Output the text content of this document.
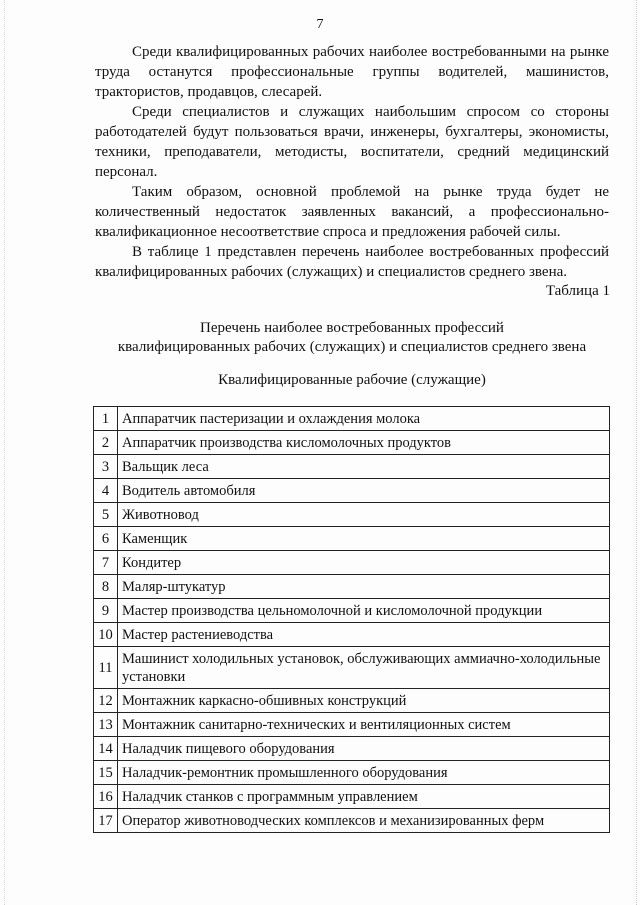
7

Среди квалифицированных рабочих наиболее востребованными на рынке труда останутся профессиональные группы водителей, машинистов, трактористов, продавцов, слесарей.

Среди специалистов и служащих наибольшим спросом со стороны работодателей будут пользоваться врачи, инженеры, бухгалтеры, экономисты, техники, преподаватели, методисты, воспитатели, средний медицинский персонал.

Таким образом, основной проблемой на рынке труда будет не количественный недостаток заявленных вакансий, а профессионально-квалификационное несоответствие спроса и предложения рабочей силы.

В таблице 1 представлен перечень наиболее востребованных профессий квалифицированных рабочих (служащих) и специалистов среднего звена.

Таблица 1
Перечень наиболее востребованных профессий
квалифицированных рабочих (служащих) и специалистов среднего звена
Квалифицированные рабочие (служащие)
1	Аппаратчик пастеризации и охлаждения молока
2	Аппаратчик производства кисломолочных продуктов
3	Вальщик леса
4	Водитель автомобиля
5	Животновод
6	Каменщик
7	Кондитер
8	Маляр-штукатур
9	Мастер производства цельномолочной и кисломолочной продукции
10	Мастер растениеводства
11	Машинист холодильных установок, обслуживающих аммиачно-холодильные установки
12	Монтажник каркасно-обшивных конструкций
13	Монтажник санитарно-технических и вентиляционных систем
14	Наладчик пищевого оборудования
15	Наладчик-ремонтник промышленного оборудования
16	Наладчик станков с программным управлением
17	Оператор животноводческих комплексов и механизированных ферм
